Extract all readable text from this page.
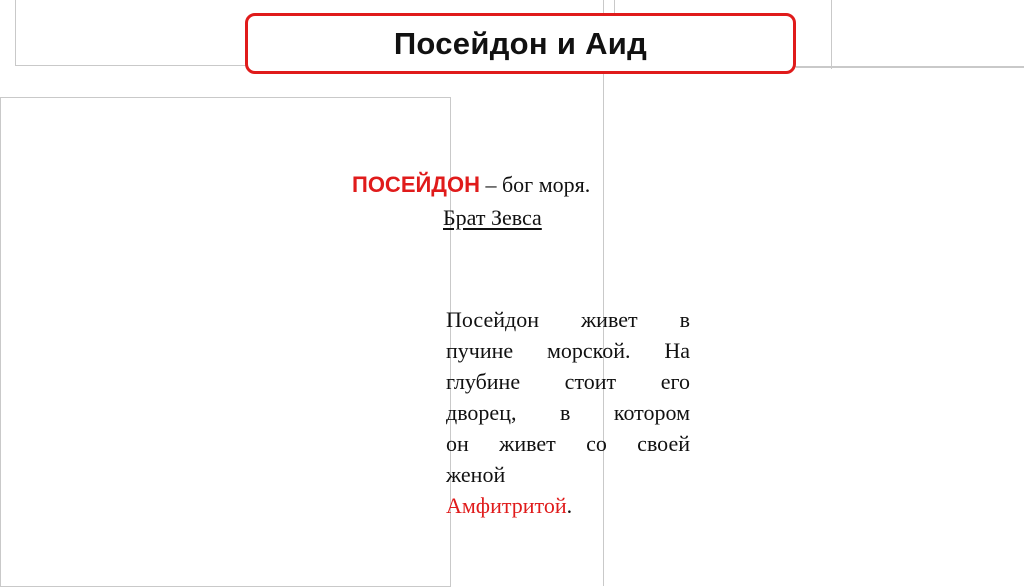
Посейдон и Аид
ПОСЕЙДОН – бог моря.
Брат Зевса
Посейдон живет в
пучине морской. На
глубине стоит его
дворец, в котором
он живет со своей
женой
Амфитритой.
